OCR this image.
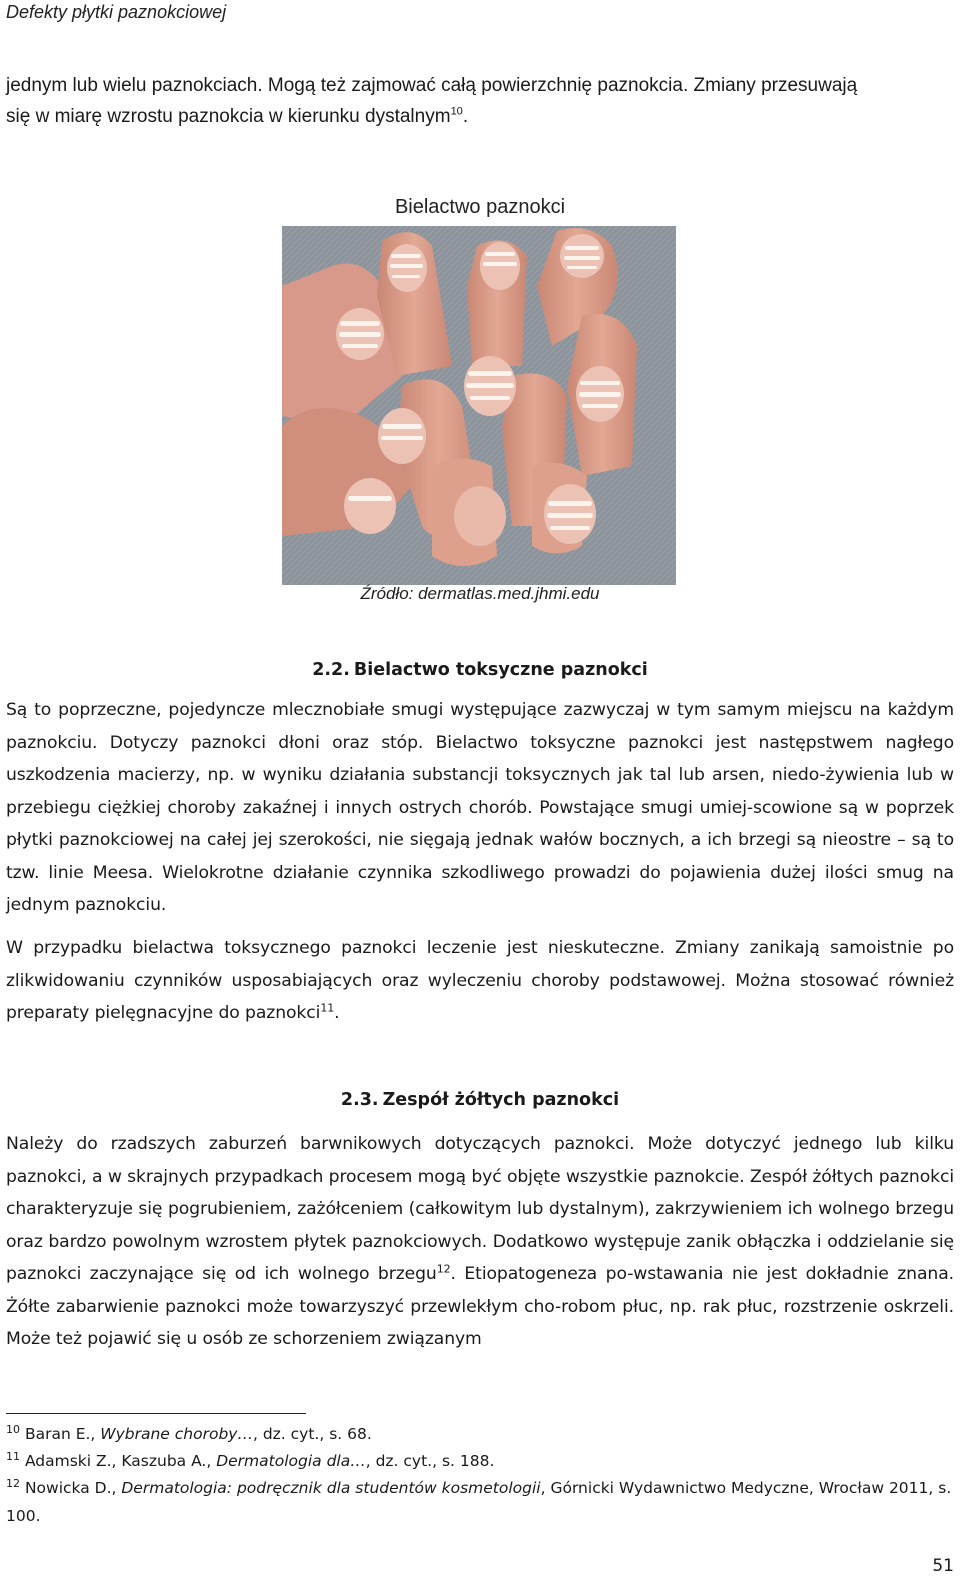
Defekty płytki paznokciowej
jednym lub wielu paznokciach. Mogą też zajmować całą powierzchnię paznokcia. Zmiany przesuwają
się w miarę wzrostu paznokcia w kierunku dystalnym$^{10}$.
Bielactwo paznokci
Źródło: dermatlas.med.jhmi.edu
2.2. Bielactwo toksyczne paznokci
Są to poprzeczne, pojedyncze mlecznobiałe smugi występujące zazwyczaj w tym samym miejscu na każdym paznokciu. Dotyczy paznokci dłoni oraz stóp. Bielactwo toksyczne paznokci jest następstwem nagłego uszkodzenia macierzy, np. w wyniku działania substancji toksycznych jak tal lub arsen, niedo-żywienia lub w przebiegu ciężkiej choroby zakaźnej i innych ostrych chorób. Powstające smugi umiej-scowione są w poprzek płytki paznokciowej na całej jej szerokości, nie sięgają jednak wałów bocznych, a ich brzegi są nieostre – są to tzw. linie Meesa. Wielokrotne działanie czynnika szkodliwego prowadzi do pojawienia dużej ilości smug na jednym paznokciu.
W przypadku bielactwa toksycznego paznokci leczenie jest nieskuteczne. Zmiany zanikają samoistnie po zlikwidowaniu czynników usposabiających oraz wyleczeniu choroby podstawowej. Można stosować również preparaty pielęgnacyjne do paznokci$^{11}$.
2.3. Zespół żółtych paznokci
Należy do rzadszych zaburzeń barwnikowych dotyczących paznokci. Może dotyczyć jednego lub kilku paznokci, a w skrajnych przypadkach procesem mogą być objęte wszystkie paznokcie. Zespół żółtych paznokci charakteryzuje się pogrubieniem, zażółceniem (całkowitym lub dystalnym), zakrzywieniem ich wolnego brzegu oraz bardzo powolnym wzrostem płytek paznokciowych. Dodatkowo występuje zanik obłączka i oddzielanie się paznokci zaczynające się od ich wolnego brzegu$^{12}$. Etiopatogeneza po-wstawania nie jest dokładnie znana. Żółte zabarwienie paznokci może towarzyszyć przewlekłym cho-robom płuc, np. rak płuc, rozstrzenie oskrzeli. Może też pojawić się u osób ze schorzeniem związanym
$^{10}$ Baran E., Wybrane choroby…, dz. cyt., s. 68.
$^{11}$ Adamski Z., Kaszuba A., Dermatologia dla…, dz. cyt., s. 188.
$^{12}$ Nowicka D., Dermatologia: podręcznik dla studentów kosmetologii, Górnicki Wydawnictwo Medyczne, Wrocław 2011, s. 100.
51
